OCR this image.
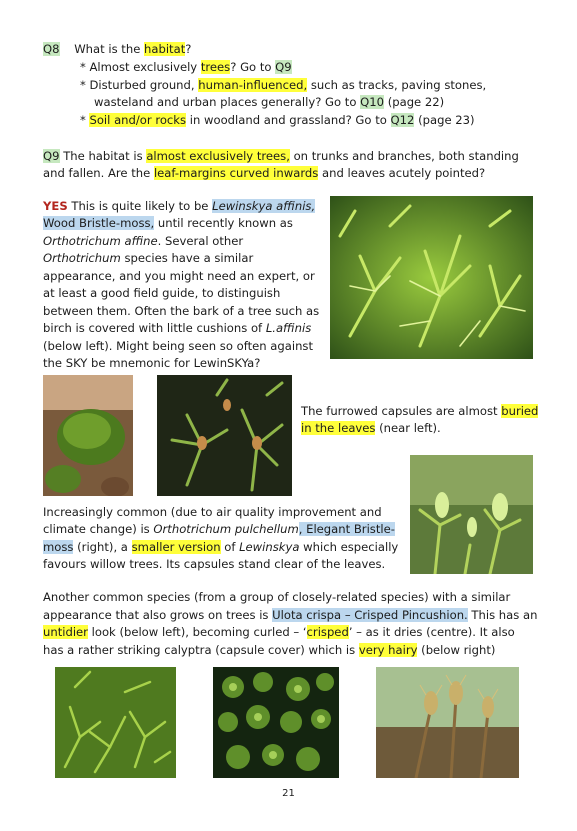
Q8 What is the habitat?
* Almost exclusively trees? Go to Q9
* Disturbed ground, human-influenced, such as tracks, paving stones,
wasteland and urban places generally? Go to Q10 (page 22)
* Soil and/or rocks in woodland and grassland? Go to Q12 (page 23)
Q9 The habitat is almost exclusively trees, on trunks and branches, both standing
and fallen. Are the leaf-margins curved inwards and leaves acutely pointed?
YES This is quite likely to be Lewinskya affinis,
Wood Bristle-moss, until recently known as
Orthotrichum affine. Several other
Orthotrichum species have a similar
appearance, and you might need an expert, or
at least a good field guide, to distinguish
between them. Often the bark of a tree such as
birch is covered with little cushions of L.affinis
(below left). Might being seen so often against
the SKY be mnemonic for LewinSKYa?
The furrowed capsules are almost buried
in the leaves (near left).
Increasingly common (due to air quality improvement and
climate change) is Orthotrichum pulchellum, Elegant Bristle-
moss (right), a smaller version of Lewinskya which especially
favours willow trees. Its capsules stand clear of the leaves.
Another common species (from a group of closely-related species) with a similar
appearance that also grows on trees is Ulota crispa – Crisped Pincushion. This has an
untidier look (below left), becoming curled – ‘crisped’ – as it dries (centre). It also
has a rather striking calyptra (capsule cover) which is very hairy (below right)
21
